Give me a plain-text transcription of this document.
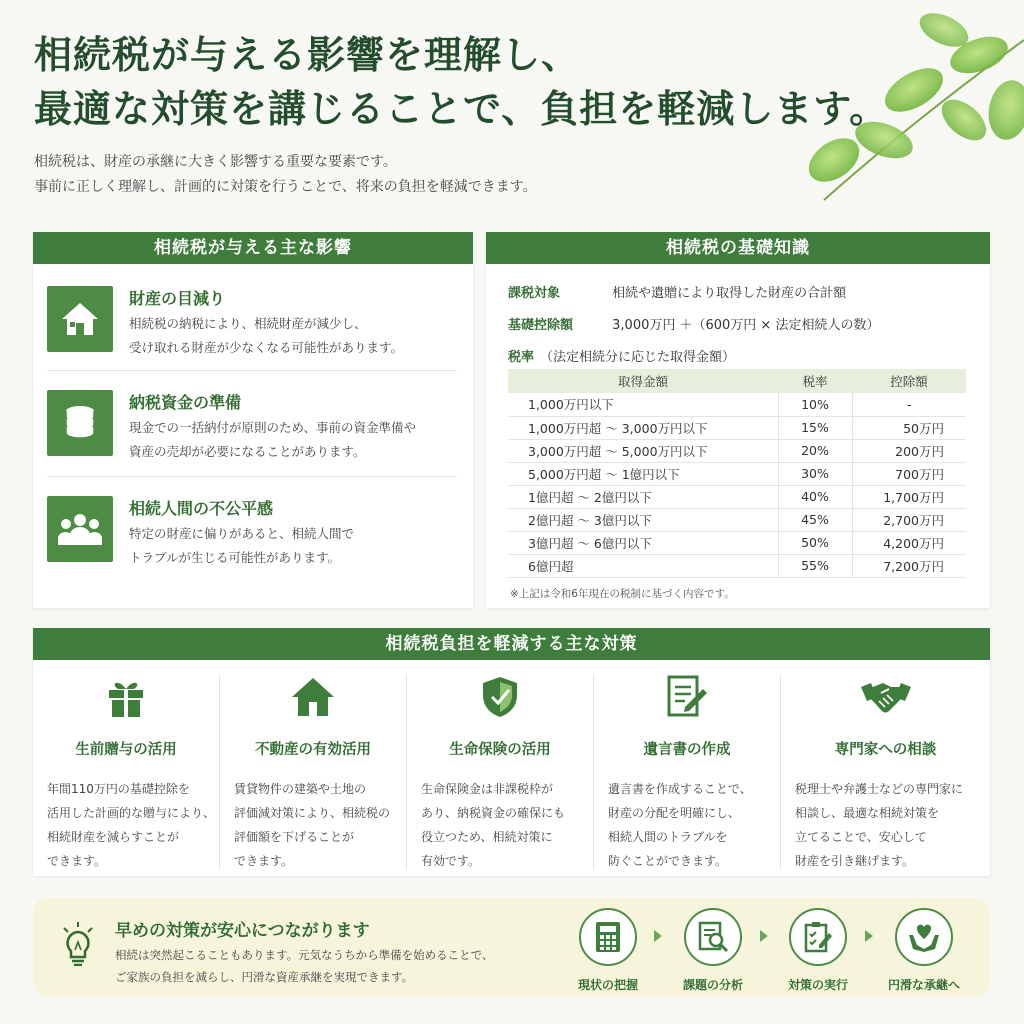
相続税が与える影響を理解し、
最適な対策を講じることで、負担を軽減します。

相続税は、財産の承継に大きく影響する重要な要素です。
事前に正しく理解し、計画的に対策を行うことで、将来の負担を軽減できます。

相続税が与える主な影響
財産の目減り
相続税の納税により、相続財産が減少し、
受け取れる財産が少なくなる可能性があります。
納税資金の準備
現金での一括納付が原則のため、事前の資金準備や
資産の売却が必要になることがあります。
相続人間の不公平感
特定の財産に偏りがあると、相続人間で
トラブルが生じる可能性があります。
相続税の基礎知識
課税対象	相続や遺贈により取得した財産の合計額
基礎控除額	3,000万円 ＋（600万円 × 法定相続人の数）
税率 （法定相続分に応じた取得金額）
取得金額	税率	控除額
1,000万円以下	10%	-
1,000万円超 ～ 3,000万円以下	15%	50万円
3,000万円超 ～ 5,000万円以下	20%	200万円
5,000万円超 ～ 1億円以下	30%	700万円
1億円超 ～ 2億円以下	40%	1,700万円
2億円超 ～ 3億円以下	45%	2,700万円
3億円超 ～ 6億円以下	50%	4,200万円
6億円超	55%	7,200万円
※上記は令和6年現在の税制に基づく内容です。
相続税負担を軽減する主な対策
生前贈与の活用
年間110万円の基礎控除を
活用した計画的な贈与により、
相続財産を減らすことが
できます。
不動産の有効活用
賃貸物件の建築や土地の
評価減対策により、相続税の
評価額を下げることが
できます。
生命保険の活用
生命保険金は非課税枠が
あり、納税資金の確保にも
役立つため、相続対策に
有効です。
遺言書の作成
遺言書を作成することで、
財産の分配を明確にし、
相続人間のトラブルを
防ぐことができます。
専門家への相談
税理士や弁護士などの専門家に
相談し、最適な相続対策を
立てることで、安心して
財産を引き継げます。
早めの対策が安心につながります
相続は突然起こることもあります。元気なうちから準備を始めることで、
ご家族の負担を減らし、円滑な資産承継を実現できます。
現状の把握	課題の分析	対策の実行	円滑な承継へ
